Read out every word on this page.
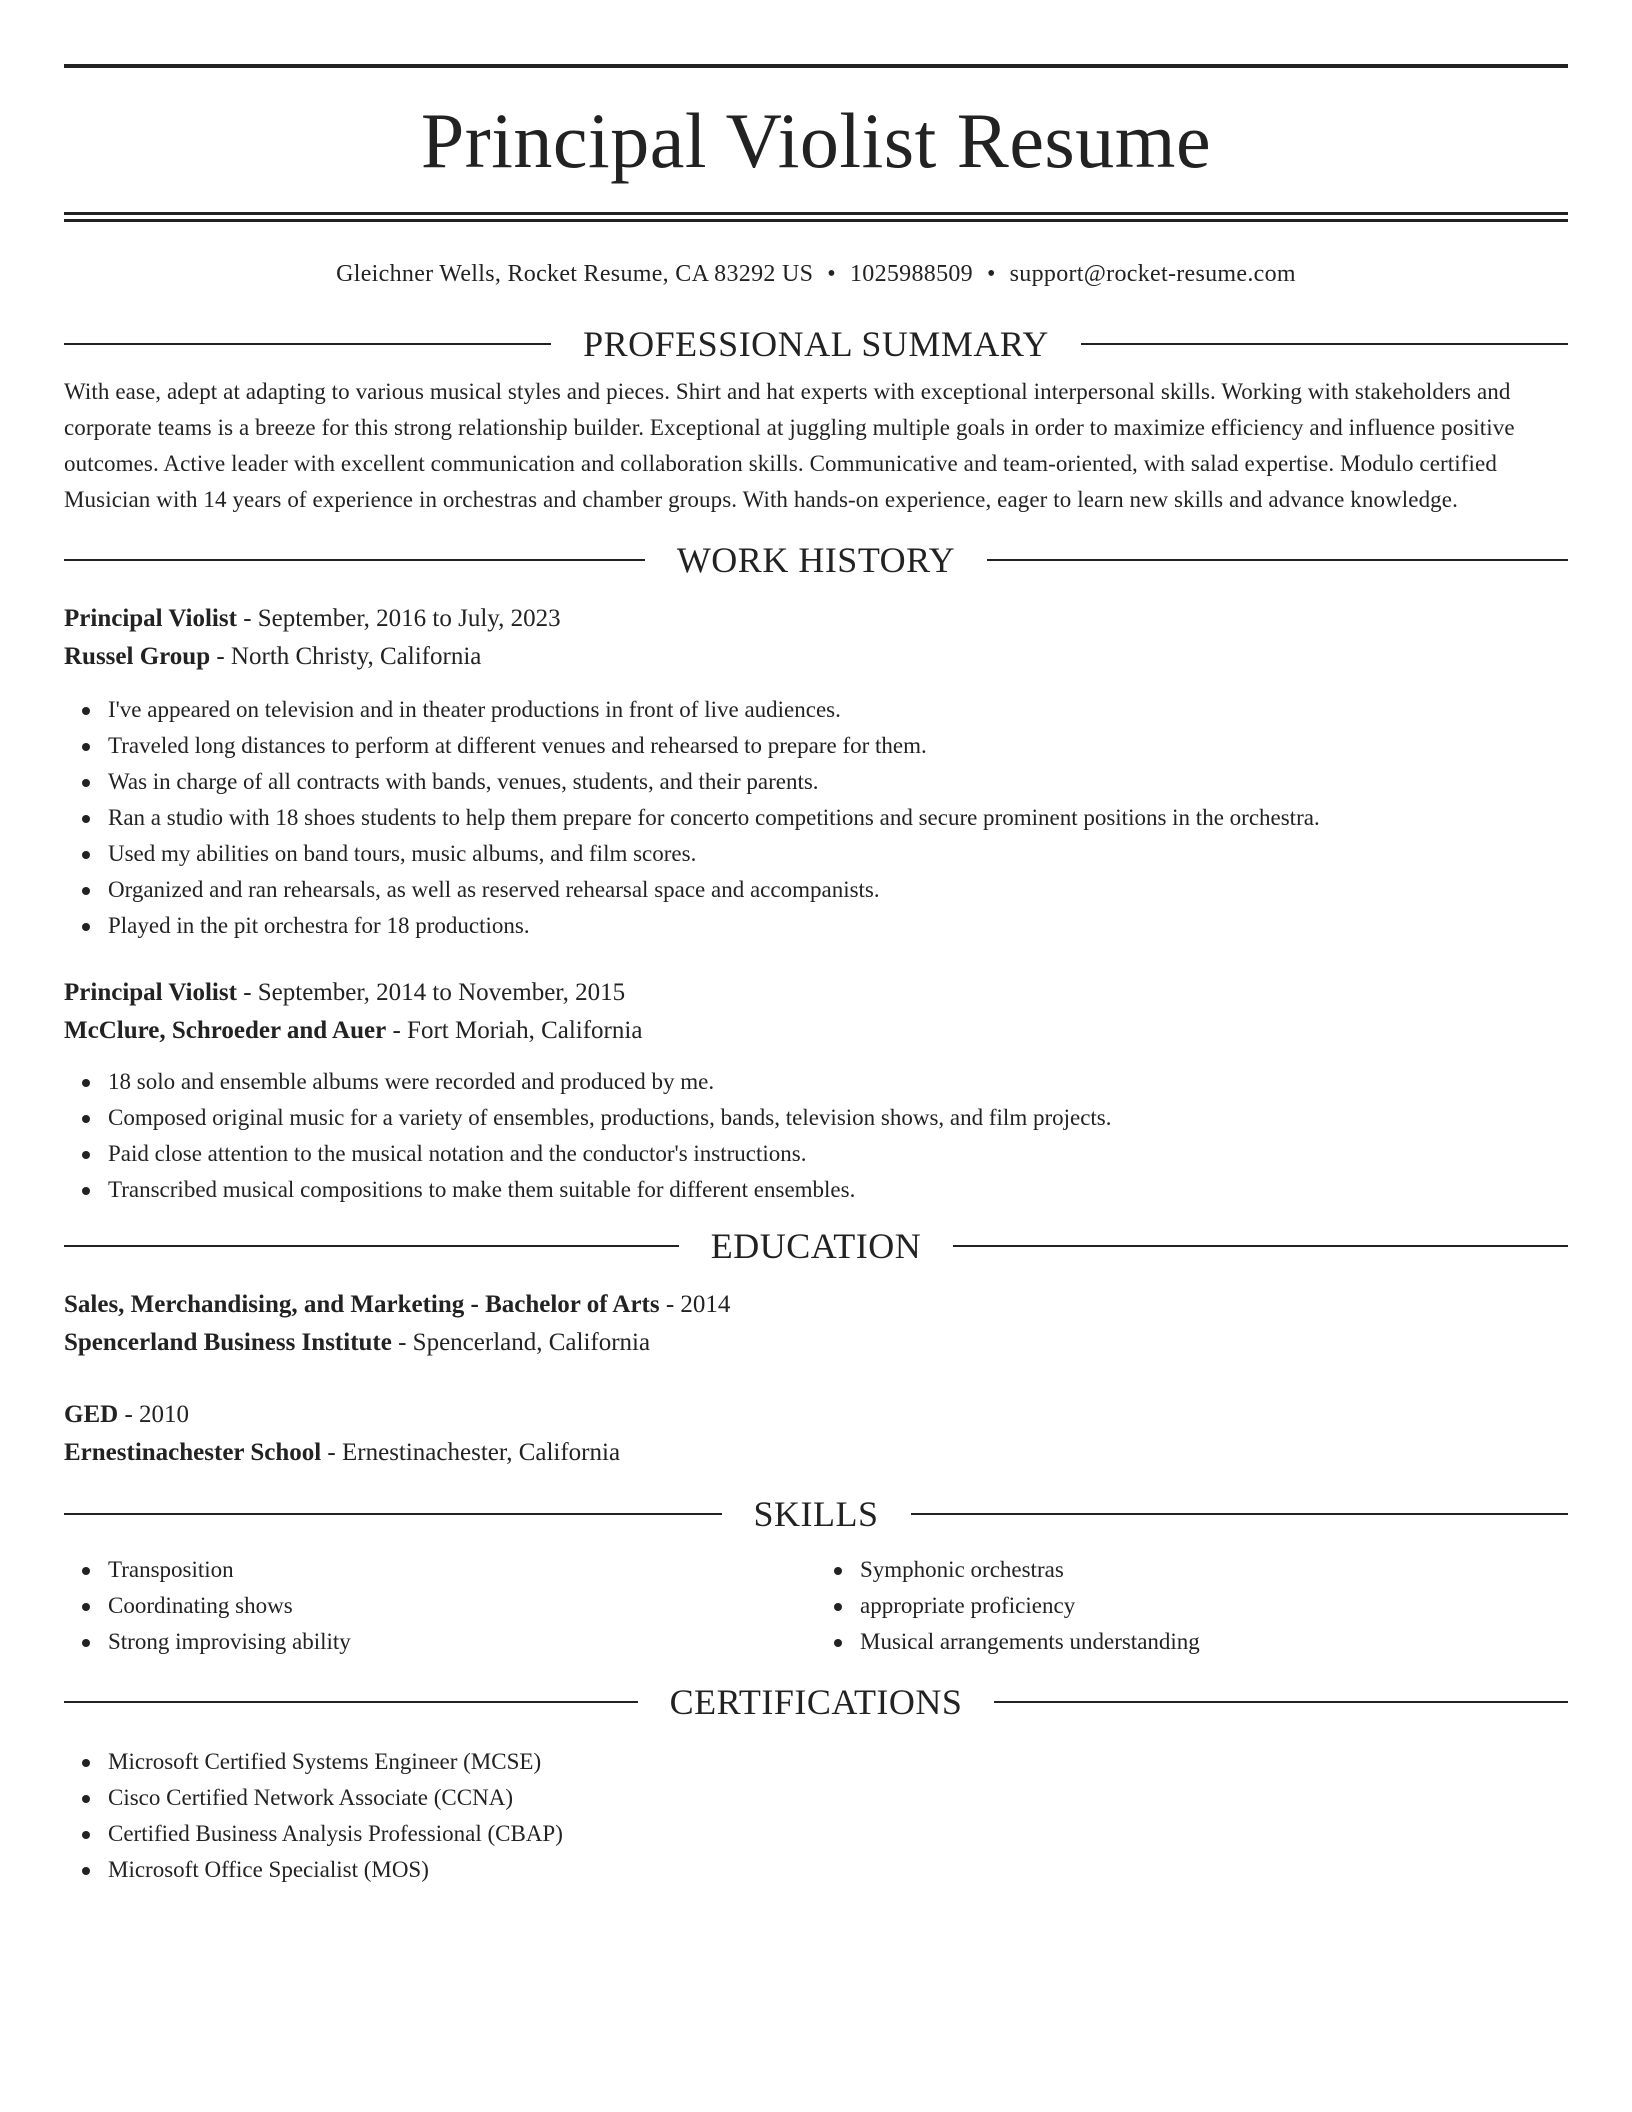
Principal Violist Resume
Gleichner Wells, Rocket Resume, CA 83292 US • 1025988509 • support@rocket-resume.com
PROFESSIONAL SUMMARY

With ease, adept at adapting to various musical styles and pieces. Shirt and hat experts with exceptional interpersonal skills. Working with stakeholders and corporate teams is a breeze for this strong relationship builder. Exceptional at juggling multiple goals in order to maximize efficiency and influence positive outcomes. Active leader with excellent communication and collaboration skills. Communicative and team-oriented, with salad expertise. Modulo certified Musician with 14 years of experience in orchestras and chamber groups. With hands-on experience, eager to learn new skills and advance knowledge.

WORK HISTORY
Principal Violist - September, 2016 to July, 2023
Russel Group - North Christy, California
I've appeared on television and in theater productions in front of live audiences.
Traveled long distances to perform at different venues and rehearsed to prepare for them.
Was in charge of all contracts with bands, venues, students, and their parents.
Ran a studio with 18 shoes students to help them prepare for concerto competitions and secure prominent positions in the orchestra.
Used my abilities on band tours, music albums, and film scores.
Organized and ran rehearsals, as well as reserved rehearsal space and accompanists.
Played in the pit orchestra for 18 productions.
Principal Violist - September, 2014 to November, 2015
McClure, Schroeder and Auer - Fort Moriah, California
18 solo and ensemble albums were recorded and produced by me.
Composed original music for a variety of ensembles, productions, bands, television shows, and film projects.
Paid close attention to the musical notation and the conductor's instructions.
Transcribed musical compositions to make them suitable for different ensembles.
EDUCATION
Sales, Merchandising, and Marketing - Bachelor of Arts - 2014
Spencerland Business Institute - Spencerland, California
GED - 2010
Ernestinachester School - Ernestinachester, California
SKILLS
Transposition
Coordinating shows
Strong improvising ability
Symphonic orchestras
appropriate proficiency
Musical arrangements understanding
CERTIFICATIONS
Microsoft Certified Systems Engineer (MCSE)
Cisco Certified Network Associate (CCNA)
Certified Business Analysis Professional (CBAP)
Microsoft Office Specialist (MOS)
